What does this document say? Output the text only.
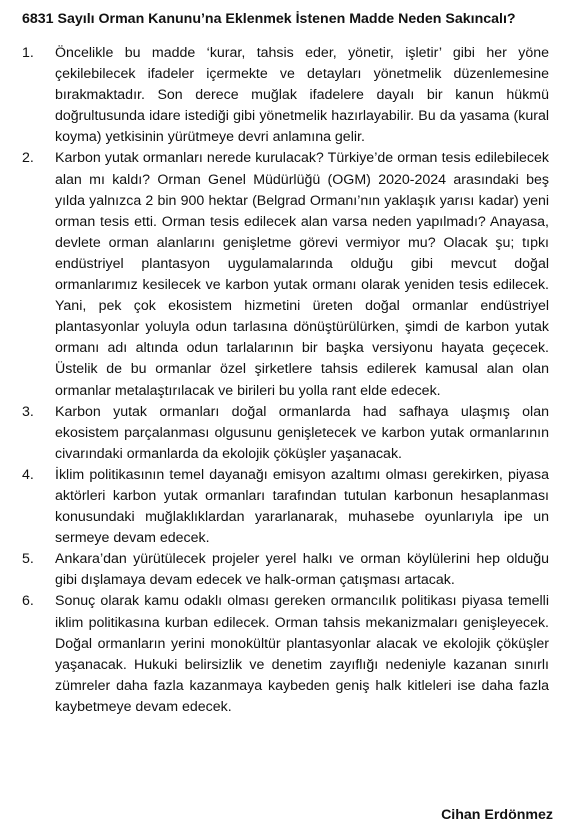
6831 Sayılı Orman Kanunu’na Eklenmek İstenen Madde Neden Sakıncalı?
1.	Öncelikle bu madde ‘kurar, tahsis eder, yönetir, işletir’ gibi her yöne çekilebilecek ifadeler içermekte ve detayları yönetmelik düzenlemesine bırakmaktadır. Son derece muğlak ifadelere dayalı bir kanun hükmü doğrultusunda idare istediği gibi yönetmelik hazırlayabilir. Bu da yasama (kural koyma) yetkisinin yürütmeye devri anlamına gelir.
2.	Karbon yutak ormanları nerede kurulacak? Türkiye’de orman tesis edilebilecek alan mı kaldı? Orman Genel Müdürlüğü (OGM) 2020-2024 arasındaki beş yılda yalnızca 2 bin 900 hektar (Belgrad Ormanı’nın yaklaşık yarısı kadar) yeni orman tesis etti. Orman tesis edilecek alan varsa neden yapılmadı? Anayasa, devlete orman alanlarını genişletme görevi vermiyor mu? Olacak şu; tıpkı endüstriyel plantasyon uygulamalarında olduğu gibi mevcut doğal ormanlarımız kesilecek ve karbon yutak ormanı olarak yeniden tesis edilecek. Yani, pek çok ekosistem hizmetini üreten doğal ormanlar endüstriyel plantasyonlar yoluyla odun tarlasına dönüştürülürken, şimdi de karbon yutak ormanı adı altında odun tarlalarının bir başka versiyonu hayata geçecek. Üstelik de bu ormanlar özel şirketlere tahsis edilerek kamusal alan olan ormanlar metalaştırılacak ve birileri bu yolla rant elde edecek.
3.	Karbon yutak ormanları doğal ormanlarda had safhaya ulaşmış olan ekosistem parçalanması olgusunu genişletecek ve karbon yutak ormanlarının civarındaki ormanlarda da ekolojik çöküşler yaşanacak.
4.	İklim politikasının temel dayanağı emisyon azaltımı olması gerekirken, piyasa aktörleri karbon yutak ormanları tarafından tutulan karbonun hesaplanması konusundaki muğlaklıklardan yararlanarak, muhasebe oyunlarıyla ipe un sermeye devam edecek.
5.	Ankara’dan yürütülecek projeler yerel halkı ve orman köylülerini hep olduğu gibi dışlamaya devam edecek ve halk-orman çatışması artacak.
6.	Sonuç olarak kamu odaklı olması gereken ormancılık politikası piyasa temelli iklim politikasına kurban edilecek. Orman tahsis mekanizmaları genişleyecek. Doğal ormanların yerini monokültür plantasyonlar alacak ve ekolojik çöküşler yaşanacak. Hukuki belirsizlik ve denetim zayıflığı nedeniyle kazanan sınırlı zümreler daha fazla kazanmaya kaybeden geniş halk kitleleri ise daha fazla kaybetmeye devam edecek.
Cihan Erdönmez
